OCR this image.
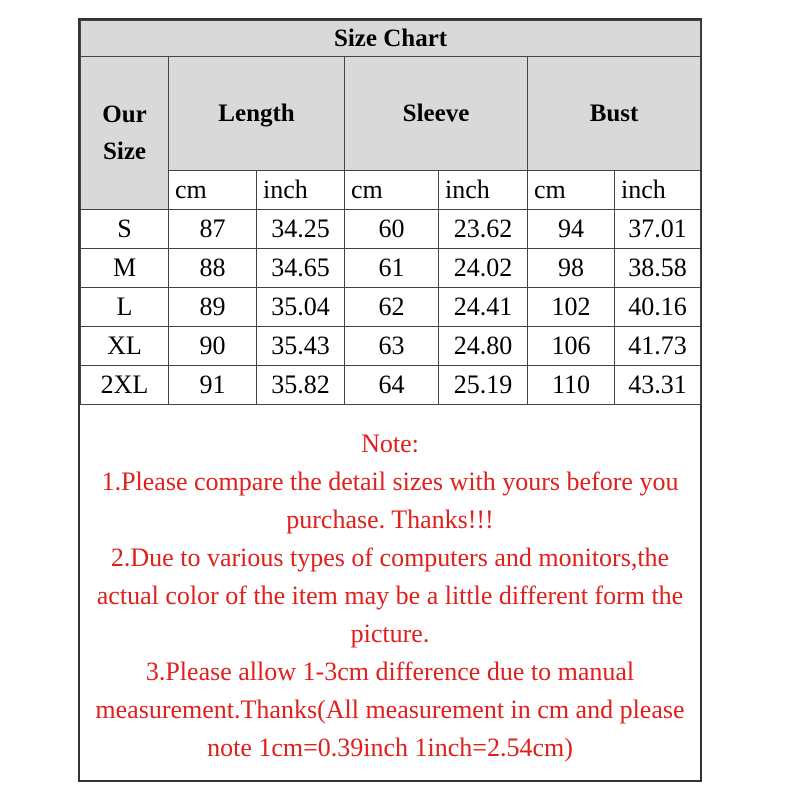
Size Chart						
Our
Size	Length		Sleeve		Bust	
	cm	inch	cm	inch	cm	inch
S	87	34.25	60	23.62	94	37.01
M	88	34.65	61	24.02	98	38.58
L	89	35.04	62	24.41	102	40.16
XL	90	35.43	63	24.80	106	41.73
2XL	91	35.82	64	25.19	110	43.31

Note:

1.Please compare the detail sizes with yours before you purchase. Thanks!!!

2.Due to various types of computers and monitors,the actual color of the item may be a little different form the picture.

3.Please allow 1-3cm difference due to manual measurement.Thanks(All measurement in cm and please note 1cm=0.39inch 1inch=2.54cm)
